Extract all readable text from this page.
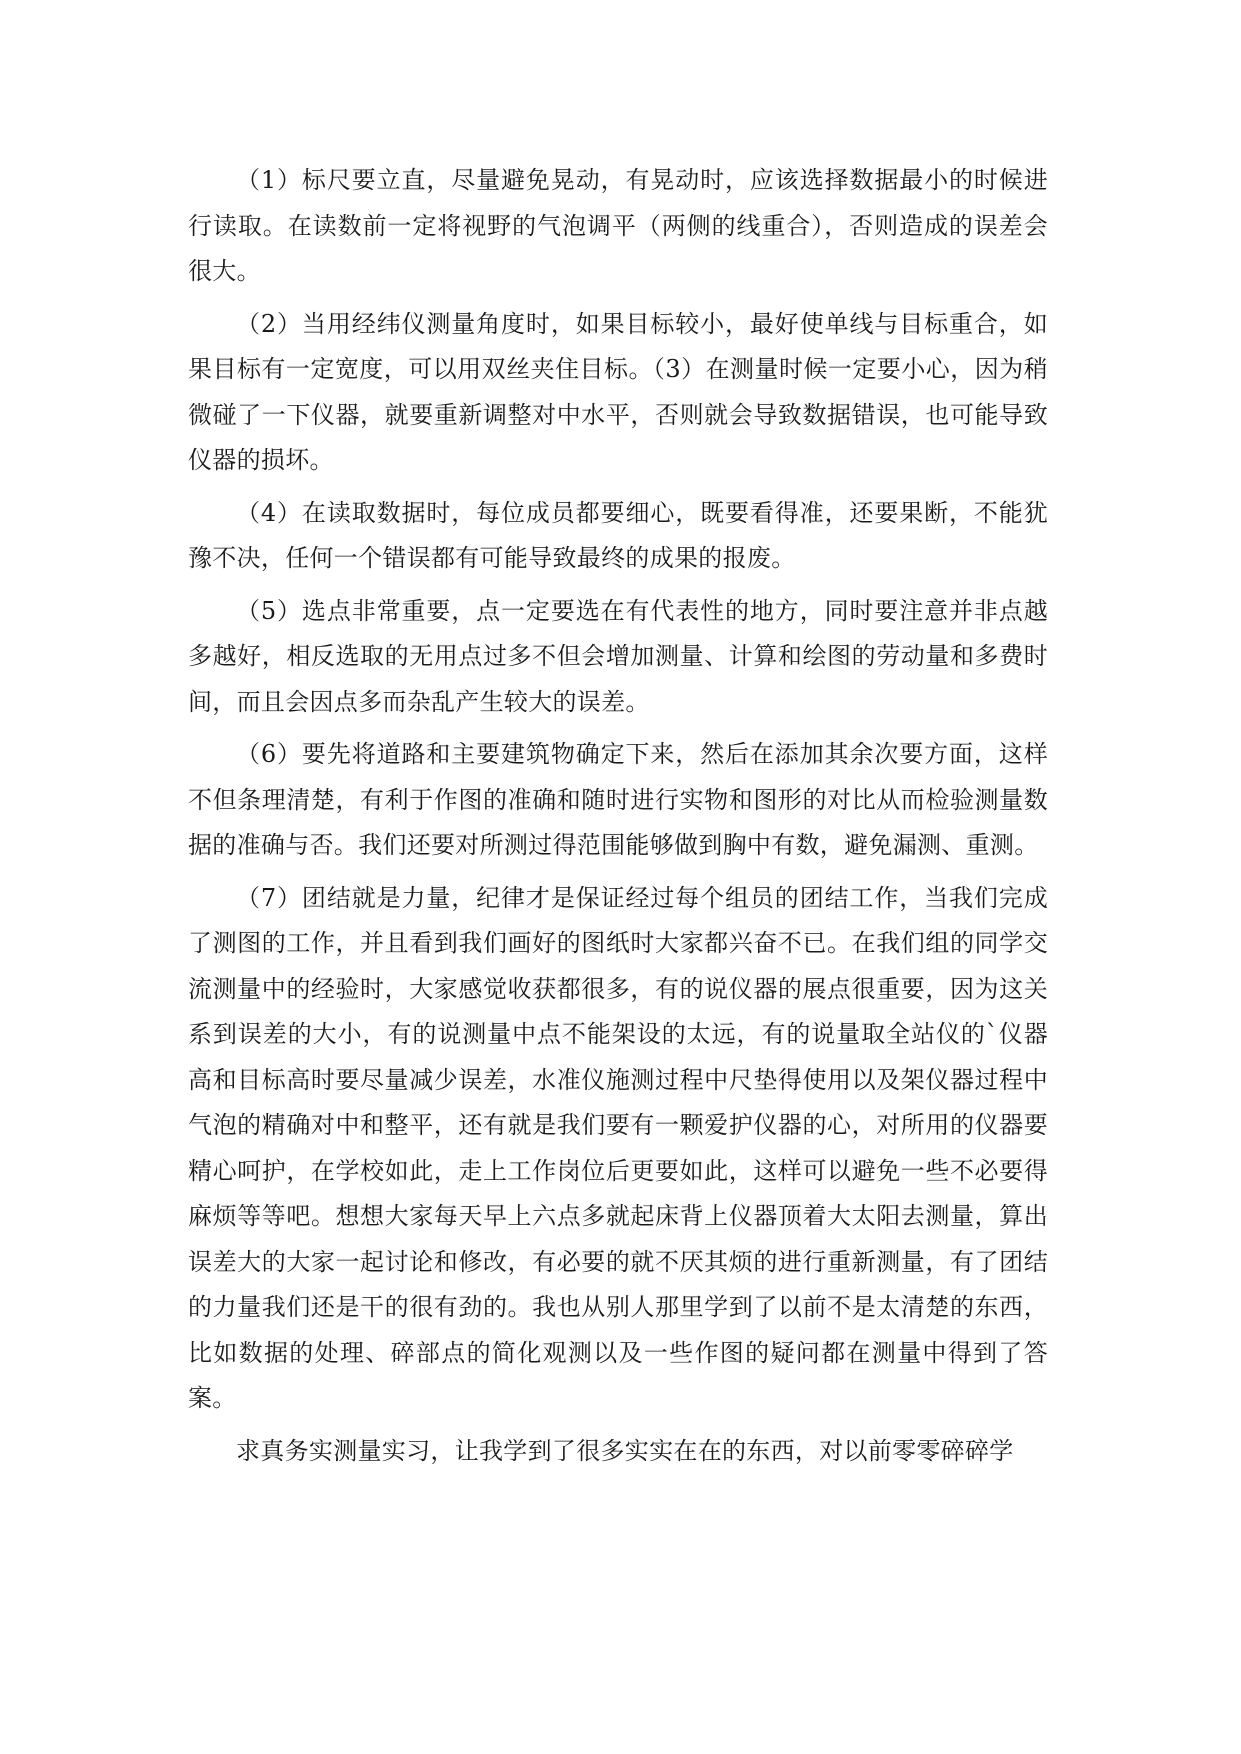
（1）标尺要立直，尽量避免晃动，有晃动时，应该选择数据最小的时候进行读取。在读数前一定将视野的气泡调平（两侧的线重合），否则造成的误差会很大。

（2）当用经纬仪测量角度时，如果目标较小，最好使单线与目标重合，如果目标有一定宽度，可以用双丝夹住目标。（3）在测量时候一定要小心，因为稍微碰了一下仪器，就要重新调整对中水平，否则就会导致数据错误，也可能导致仪器的损坏。

（4）在读取数据时，每位成员都要细心，既要看得准，还要果断，不能犹豫不决，任何一个错误都有可能导致最终的成果的报废。

（5）选点非常重要，点一定要选在有代表性的地方，同时要注意并非点越多越好，相反选取的无用点过多不但会增加测量、计算和绘图的劳动量和多费时间，而且会因点多而杂乱产生较大的误差。

（6）要先将道路和主要建筑物确定下来，然后在添加其余次要方面，这样不但条理清楚，有利于作图的准确和随时进行实物和图形的对比从而检验测量数据的准确与否。我们还要对所测过得范围能够做到胸中有数，避免漏测、重测。

（7）团结就是力量，纪律才是保证经过每个组员的团结工作，当我们完成了测图的工作，并且看到我们画好的图纸时大家都兴奋不已。在我们组的同学交流测量中的经验时，大家感觉收获都很多，有的说仪器的展点很重要，因为这关系到误差的大小，有的说测量中点不能架设的太远，有的说量取全站仪的`仪器高和目标高时要尽量减少误差，水准仪施测过程中尺垫得使用以及架仪器过程中气泡的精确对中和整平，还有就是我们要有一颗爱护仪器的心，对所用的仪器要精心呵护，在学校如此，走上工作岗位后更要如此，这样可以避免一些不必要得麻烦等等吧。想想大家每天早上六点多就起床背上仪器顶着大太阳去测量，算出误差大的大家一起讨论和修改，有必要的就不厌其烦的进行重新测量，有了团结的力量我们还是干的很有劲的。我也从别人那里学到了以前不是太清楚的东西，比如数据的处理、碎部点的简化观测以及一些作图的疑问都在测量中得到了答案。

求真务实测量实习，让我学到了很多实实在在的东西，对以前零零碎碎学
